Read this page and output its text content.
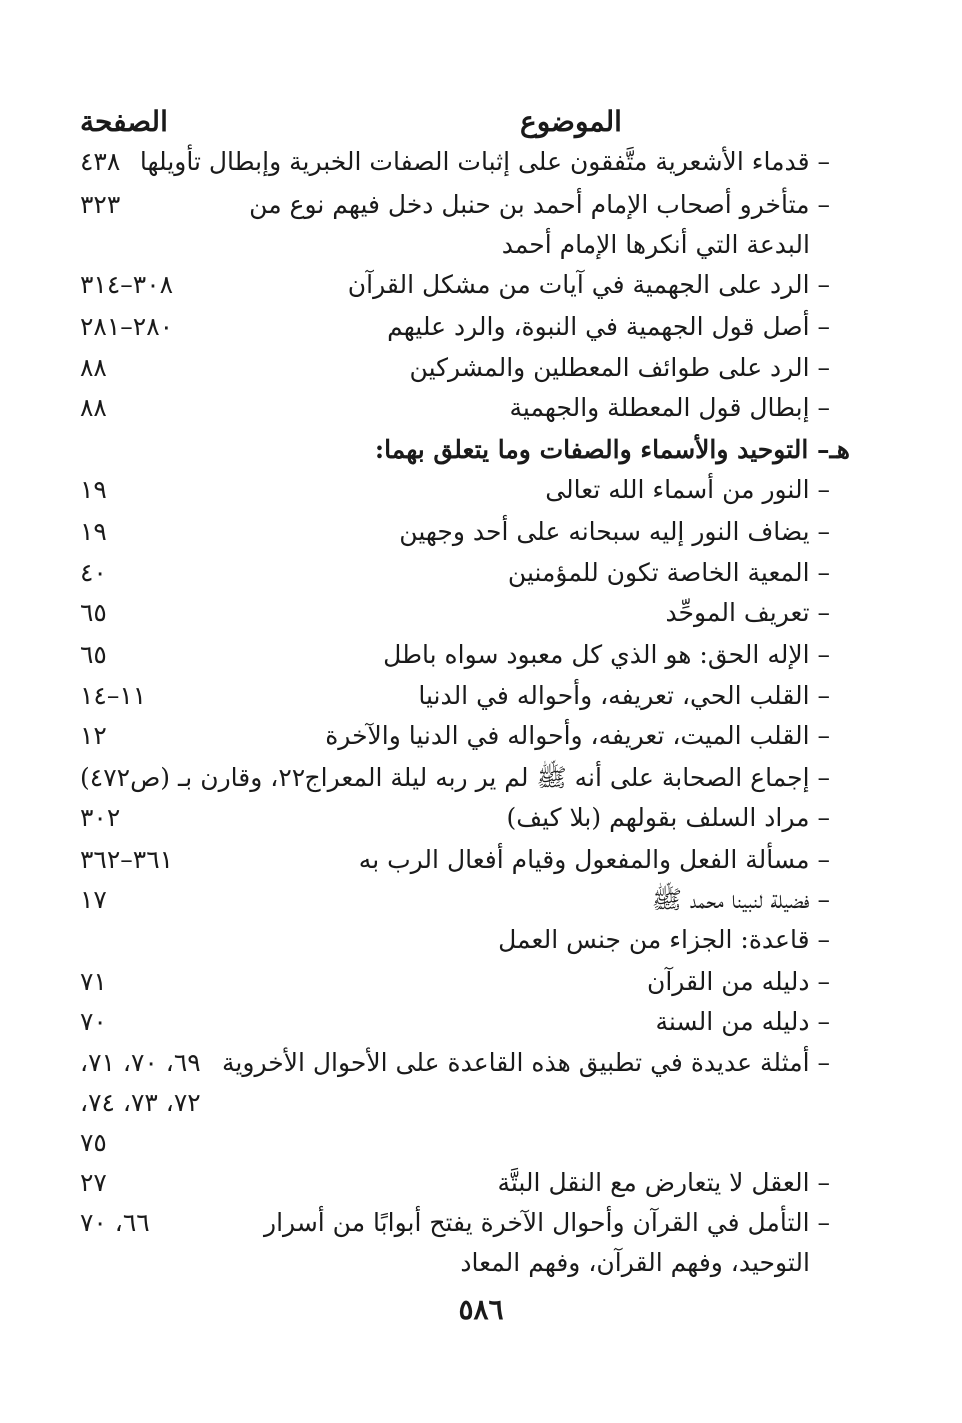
الموضوع
الصفحة
– قدماء الأشعرية متَّفقون على إثبات الصفات الخبرية وإبطال تأويلها
٤٣٨
– متأخرو أصحاب الإمام أحمد بن حنبل دخل فيهم نوع من
٣٢٣
البدعة التي أنكرها الإمام أحمد
– الرد على الجهمية في آيات من مشكل القرآن
٣٠٨–٣١٤
– أصل قول الجهمية في النبوة، والرد عليهم
٢٨٠–٢٨١
– الرد على طوائف المعطلين والمشركين
٨٨
– إبطال قول المعطلة والجهمية
٨٨
هـ– التوحيد والأسماء والصفات وما يتعلق بهما:
– النور من أسماء الله تعالى
١٩
– يضاف النور إليه سبحانه على أحد وجهين
١٩
– المعية الخاصة تكون للمؤمنين
٤٠
– تعريف الموحِّد
٦٥
– الإله الحق: هو الذي كل معبود سواه باطل
٦٥
– القلب الحي، تعريفه، وأحواله في الدنيا
١١–١٤
– القلب الميت، تعريفه، وأحواله في الدنيا والآخرة
١٢
– إجماع الصحابة على أنه ﷺ لم ير ربه ليلة المعراج
٢٢، وقارن بـ (ص٤٧٢)
– مراد السلف بقولهم (بلا كيف)
٣٠٢
– مسألة الفعل والمفعول وقيام أفعال الرب به
٣٦١–٣٦٢
– فضيلة لنبينا محمد ﷺ
١٧
– قاعدة: الجزاء من جنس العمل
– دليله من القرآن
٧١
– دليله من السنة
٧٠
– أمثلة عديدة في تطبيق هذه القاعدة على الأحوال الأخروية
٦٩، ٧٠، ٧١،
٧٢، ٧٣، ٧٤،
٧٥
– العقل لا يتعارض مع النقل البتَّة
٢٧
– التأمل في القرآن وأحوال الآخرة يفتح أبوابًا من أسرار
٦٦، ٧٠
التوحيد، وفهم القرآن، وفهم المعاد
٥٨٦
